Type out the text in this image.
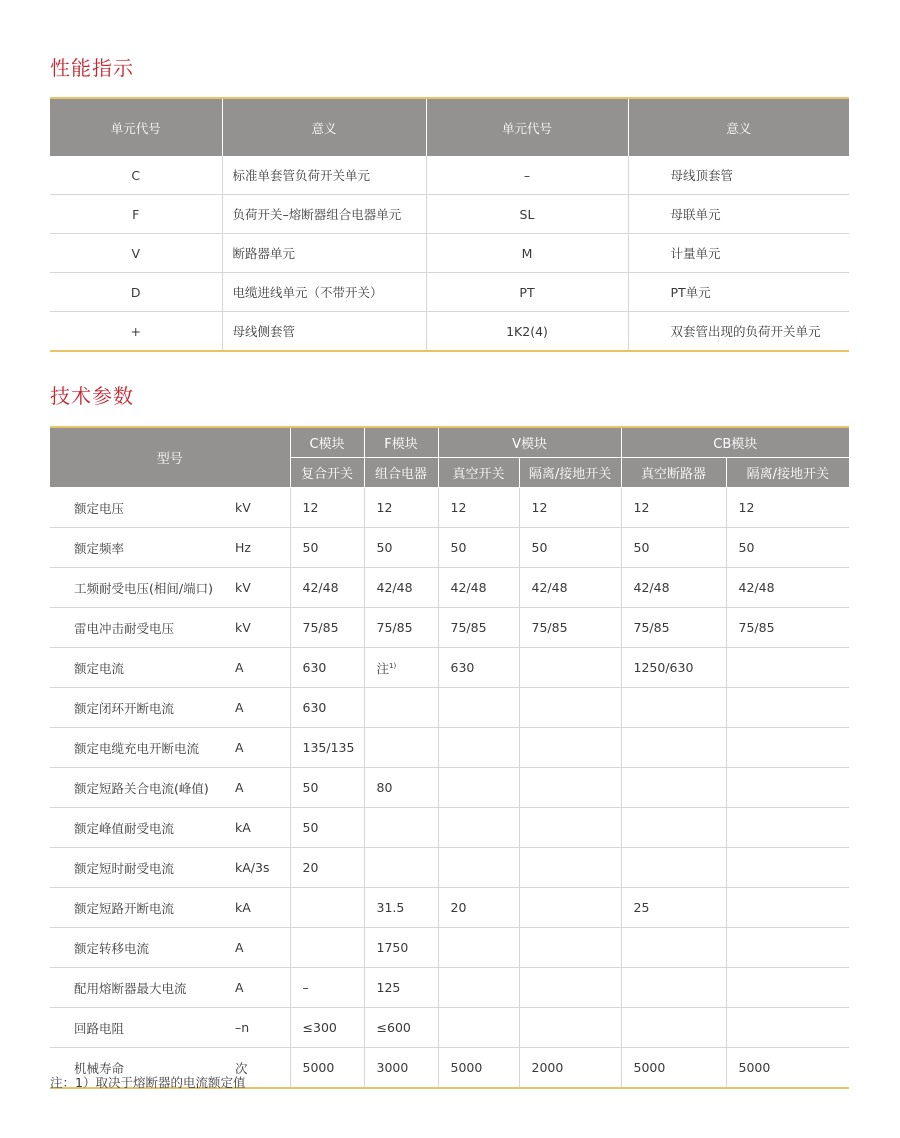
性能指示
单元代号	意义	单元代号	意义
C	标准单套管负荷开关单元	–	母线顶套管
F	负荷开关–熔断器组合电器单元	SL	母联单元
V	断路器单元	M	计量单元
D	电缆进线单元（不带开关）	PT	PT单元
+	母线侧套管	1K2(4)	双套管出现的负荷开关单元
技术参数
型号		C模块	F模块	V模块		CB模块	
		复合开关	组合电器	真空开关	隔离/接地开关	真空断路器	隔离/接地开关
额定电压	kV	12	12	12	12	12	12
额定频率	Hz	50	50	50	50	50	50
工频耐受电压(相间/端口)	kV	42/48	42/48	42/48	42/48	42/48	42/48
雷电冲击耐受电压	kV	75/85	75/85	75/85	75/85	75/85	75/85
额定电流	A	630	注$^{1)}$	630		1250/630	
额定闭环开断电流	A	630					
额定电缆充电开断电流	A	135/135					
额定短路关合电流(峰值)	A	50	80				
额定峰值耐受电流	kA	50					
额定短时耐受电流	kA/3s	20					
额定短路开断电流	kA		31.5	20		25	
额定转移电流	A		1750				
配用熔断器最大电流	A	–	125				
回路电阻	–n	≤300	≤600				
机械寿命	次	5000	3000	5000	2000	5000	5000

注：1）取决于熔断器的电流额定值
